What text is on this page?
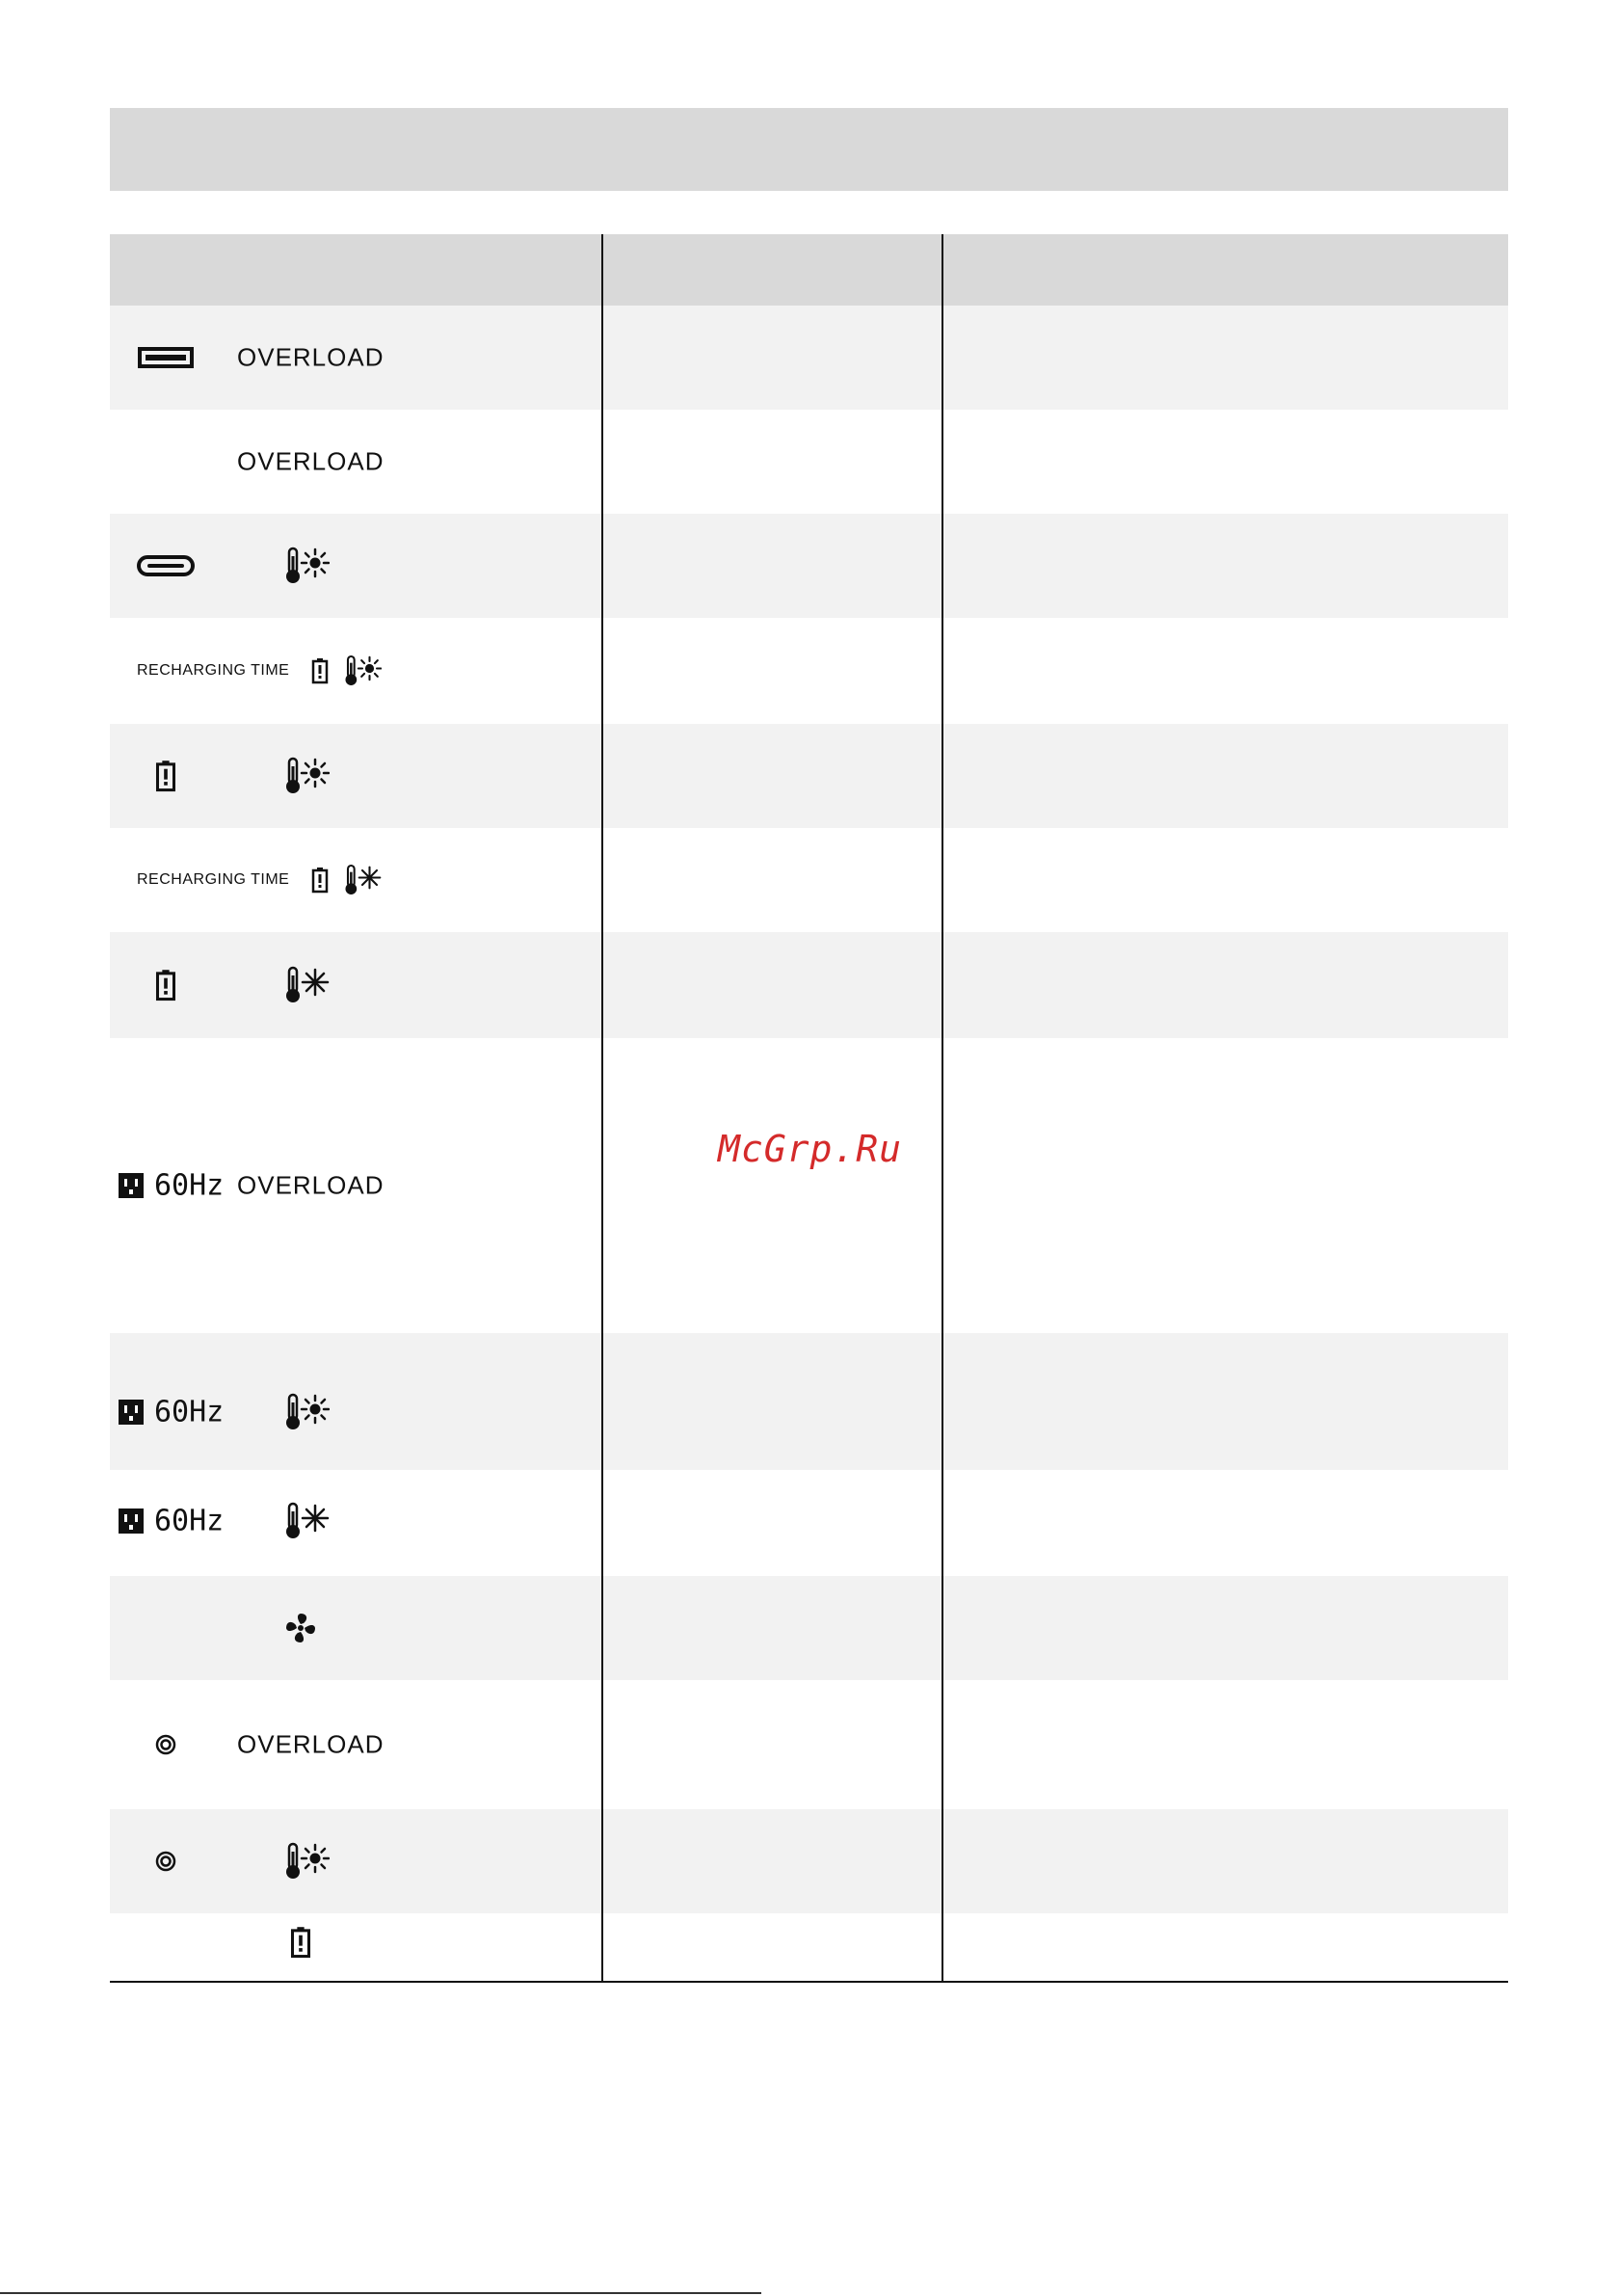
McGrp.Ru
OVERLOAD
OVERLOAD
RECHARGING TIME
RECHARGING TIME
60Hz OVERLOAD
60Hz
60Hz
OVERLOAD
